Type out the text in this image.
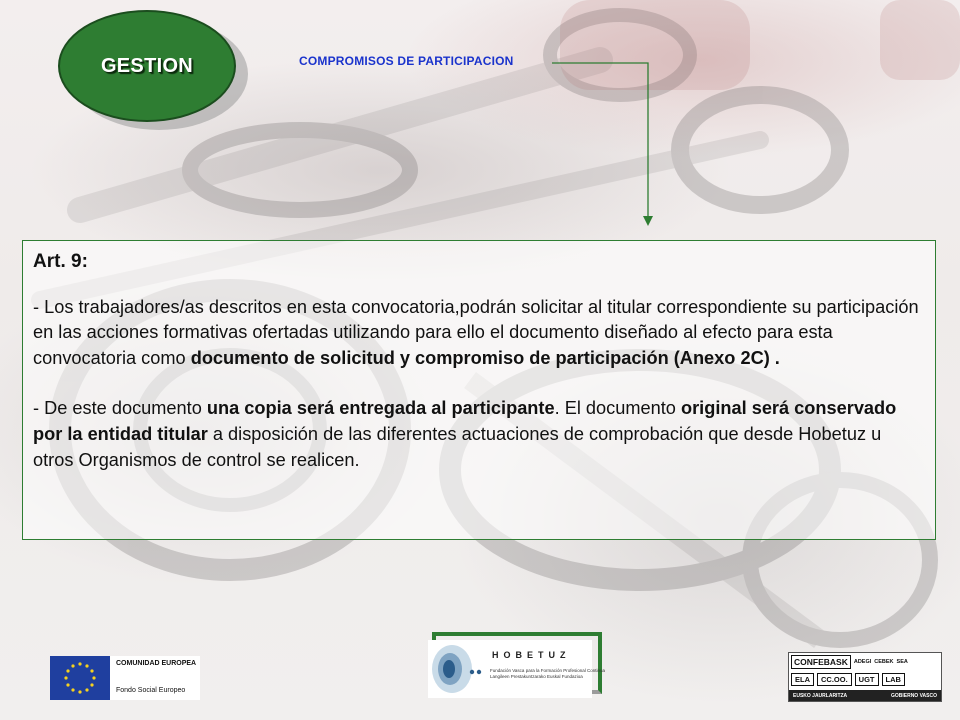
GESTION	COMPROMISOS DE PARTICIPACION
Art. 9:

- Los trabajadores/as descritos en esta convocatoria,podrán solicitar al titular correspondiente su participación en las acciones formativas ofertadas utilizando para ello el documento diseñado al efecto para esta convocatoria como documento de solicitud y compromiso de participación (Anexo 2C) .

- De este documento una copia será entregada al participante. El documento original será conservado por la entidad titular a disposición de las diferentes actuaciones de comprobación que desde Hobetuz u otros Organismos de control se realicen.

COMUNIDAD EUROPEA
Fondo Social Europeo
HOBETUZ
Fundación Vasca para la Formación Profesional Continua
Langileen Prestakuntzarako Euskal Fundazioa
CONFEBASK	ADEGI CEBEK SEA
ELA	CC.OO.	UGT	LAB
EUSKO JAURLARITZA	GOBIERNO VASCO
